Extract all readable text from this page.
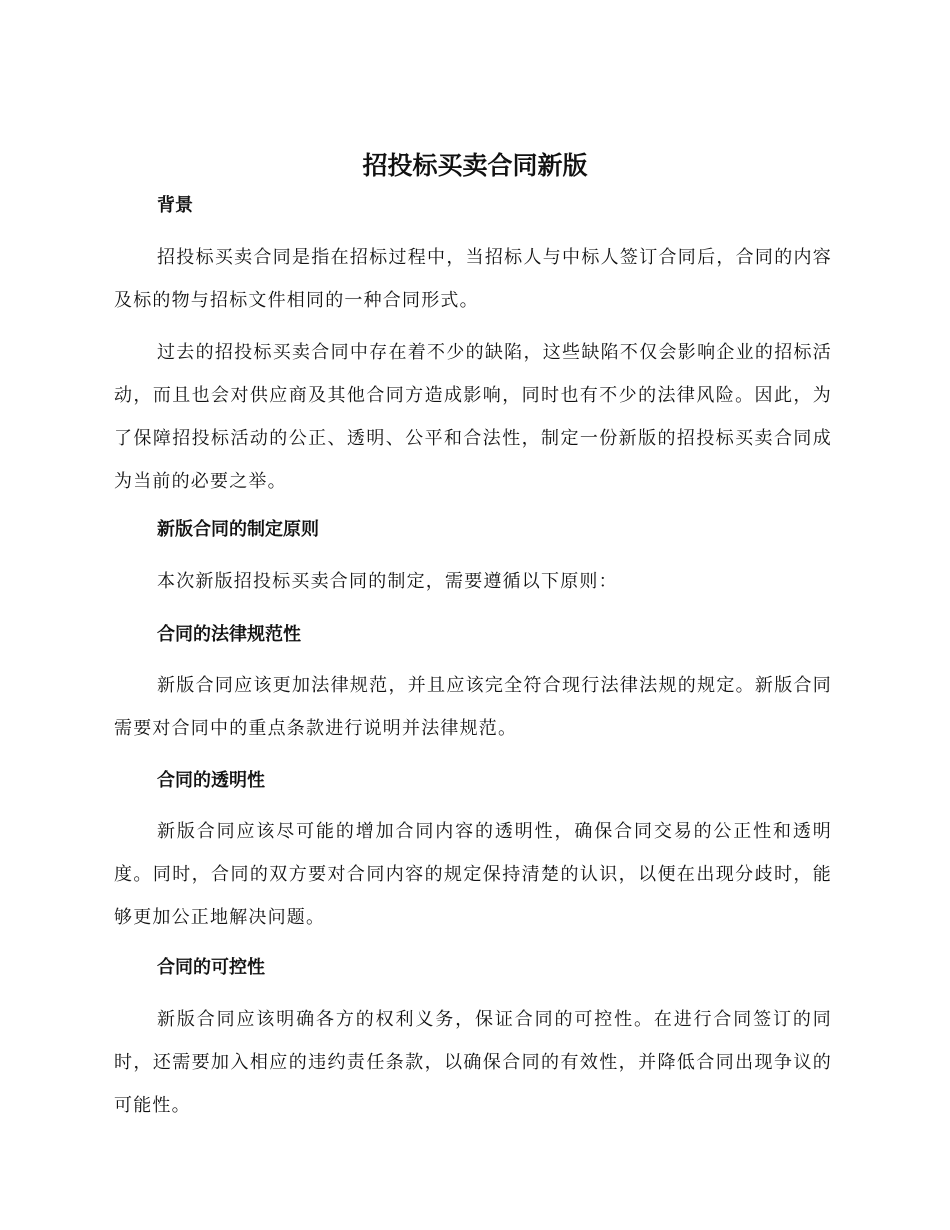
招投标买卖合同新版
背景

招投标买卖合同是指在招标过程中，当招标人与中标人签订合同后，合同的内容及标的物与招标文件相同的一种合同形式。

过去的招投标买卖合同中存在着不少的缺陷，这些缺陷不仅会影响企业的招标活动，而且也会对供应商及其他合同方造成影响，同时也有不少的法律风险。因此，为了保障招投标活动的公正、透明、公平和合法性，制定一份新版的招投标买卖合同成为当前的必要之举。

新版合同的制定原则

本次新版招投标买卖合同的制定，需要遵循以下原则：

合同的法律规范性

新版合同应该更加法律规范，并且应该完全符合现行法律法规的规定。新版合同需要对合同中的重点条款进行说明并法律规范。

合同的透明性

新版合同应该尽可能的增加合同内容的透明性，确保合同交易的公正性和透明度。同时，合同的双方要对合同内容的规定保持清楚的认识，以便在出现分歧时，能够更加公正地解决问题。

合同的可控性

新版合同应该明确各方的权利义务，保证合同的可控性。在进行合同签订的同时，还需要加入相应的违约责任条款，以确保合同的有效性，并降低合同出现争议的可能性。
